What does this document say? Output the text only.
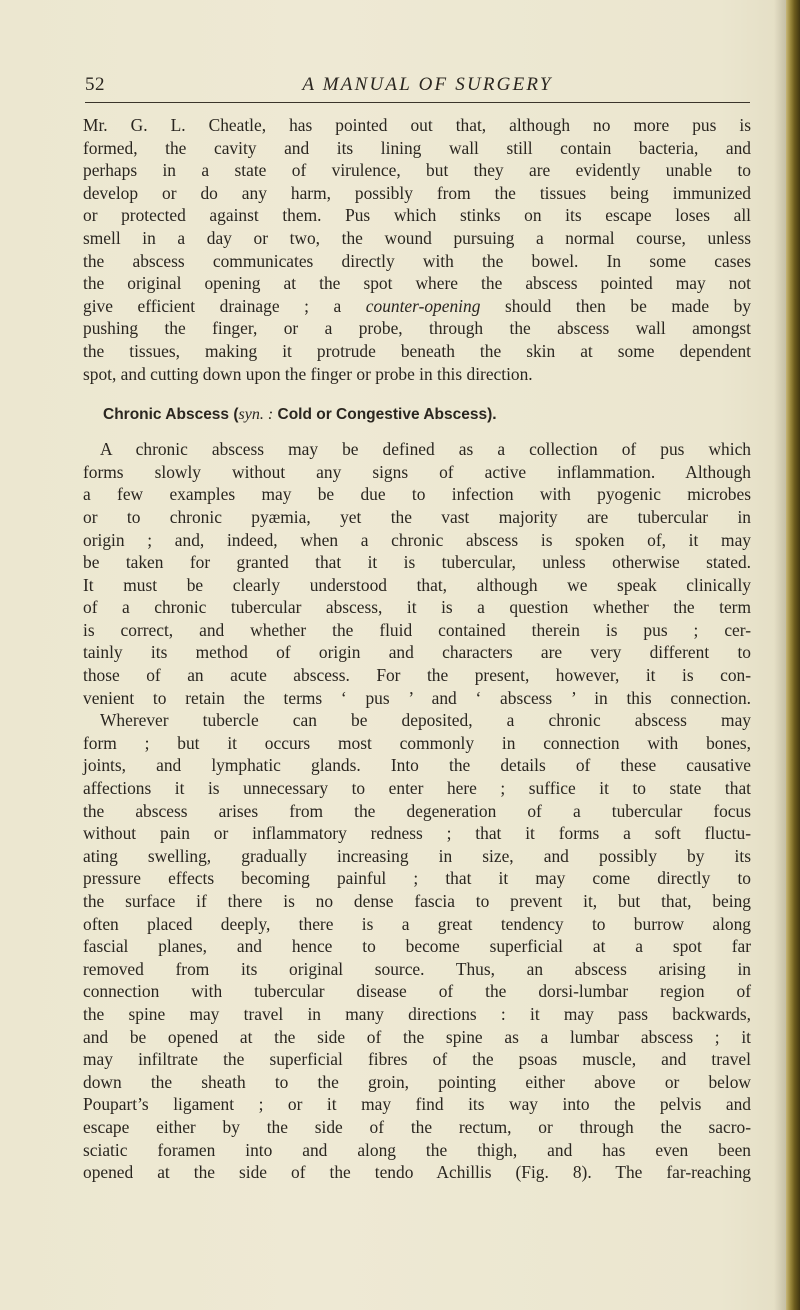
52	A MANUAL OF SURGERY
Mr. G. L. Cheatle, has pointed out that, although no more pus is
formed, the cavity and its lining wall still contain bacteria, and
perhaps in a state of virulence, but they are evidently unable to
develop or do any harm, possibly from the tissues being immunized
or protected against them. Pus which stinks on its escape loses all
smell in a day or two, the wound pursuing a normal course, unless
the abscess communicates directly with the bowel. In some cases
the original opening at the spot where the abscess pointed may not
give efficient drainage ; a counter-opening should then be made by
pushing the finger, or a probe, through the abscess wall amongst
the tissues, making it protrude beneath the skin at some dependent
spot, and cutting down upon the finger or probe in this direction.
Chronic Abscess (syn. : Cold or Congestive Abscess).
A chronic abscess may be defined as a collection of pus which
forms slowly without any signs of active inflammation. Although
a few examples may be due to infection with pyogenic microbes
or to chronic pyæmia, yet the vast majority are tubercular in
origin ; and, indeed, when a chronic abscess is spoken of, it may
be taken for granted that it is tubercular, unless otherwise stated.
It must be clearly understood that, although we speak clinically
of a chronic tubercular abscess, it is a question whether the term
is correct, and whether the fluid contained therein is pus ; cer-
tainly its method of origin and characters are very different to
those of an acute abscess. For the present, however, it is con-
venient to retain the terms ‘ pus ’ and ‘ abscess ’ in this connection.
Wherever tubercle can be deposited, a chronic abscess may
form ; but it occurs most commonly in connection with bones,
joints, and lymphatic glands. Into the details of these causative
affections it is unnecessary to enter here ; suffice it to state that
the abscess arises from the degeneration of a tubercular focus
without pain or inflammatory redness ; that it forms a soft fluctu-
ating swelling, gradually increasing in size, and possibly by its
pressure effects becoming painful ; that it may come directly to
the surface if there is no dense fascia to prevent it, but that, being
often placed deeply, there is a great tendency to burrow along
fascial planes, and hence to become superficial at a spot far
removed from its original source. Thus, an abscess arising in
connection with tubercular disease of the dorsi-lumbar region of
the spine may travel in many directions : it may pass backwards,
and be opened at the side of the spine as a lumbar abscess ; it
may infiltrate the superficial fibres of the psoas muscle, and travel
down the sheath to the groin, pointing either above or below
Poupart’s ligament ; or it may find its way into the pelvis and
escape either by the side of the rectum, or through the sacro-
sciatic foramen into and along the thigh, and has even been
opened at the side of the tendo Achillis (Fig. 8). The far-reaching
